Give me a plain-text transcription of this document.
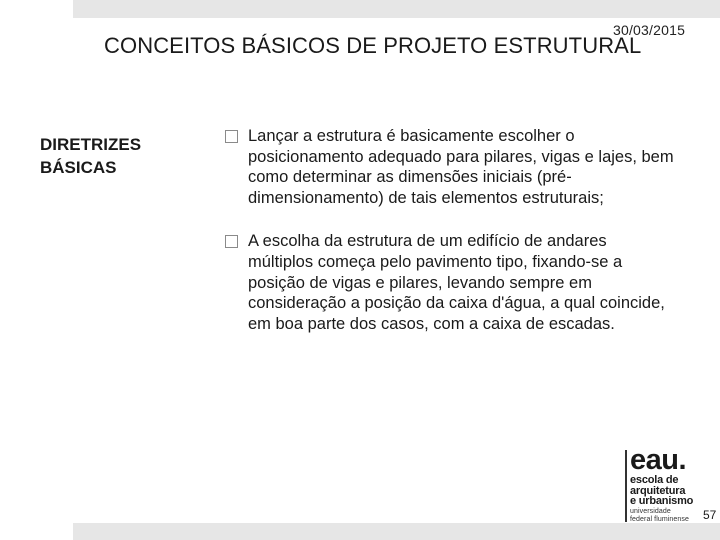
30/03/2015
CONCEITOS BÁSICOS DE PROJETO ESTRUTURAL
DIRETRIZES
BÁSICAS
Lançar a estrutura é basicamente escolher o posicionamento adequado para pilares, vigas e lajes, bem como determinar as dimensões iniciais (pré-dimensionamento) de tais elementos estruturais;
A escolha da estrutura de um edifício de andares múltiplos começa pelo pavimento tipo, fixando-se a posição de vigas e pilares, levando sempre em consideração a posição da caixa d'água, a qual coincide, em boa parte dos casos, com a caixa de escadas.
eau.
escola de
arquitetura
e urbanismo
universidade
federal fluminense 57
